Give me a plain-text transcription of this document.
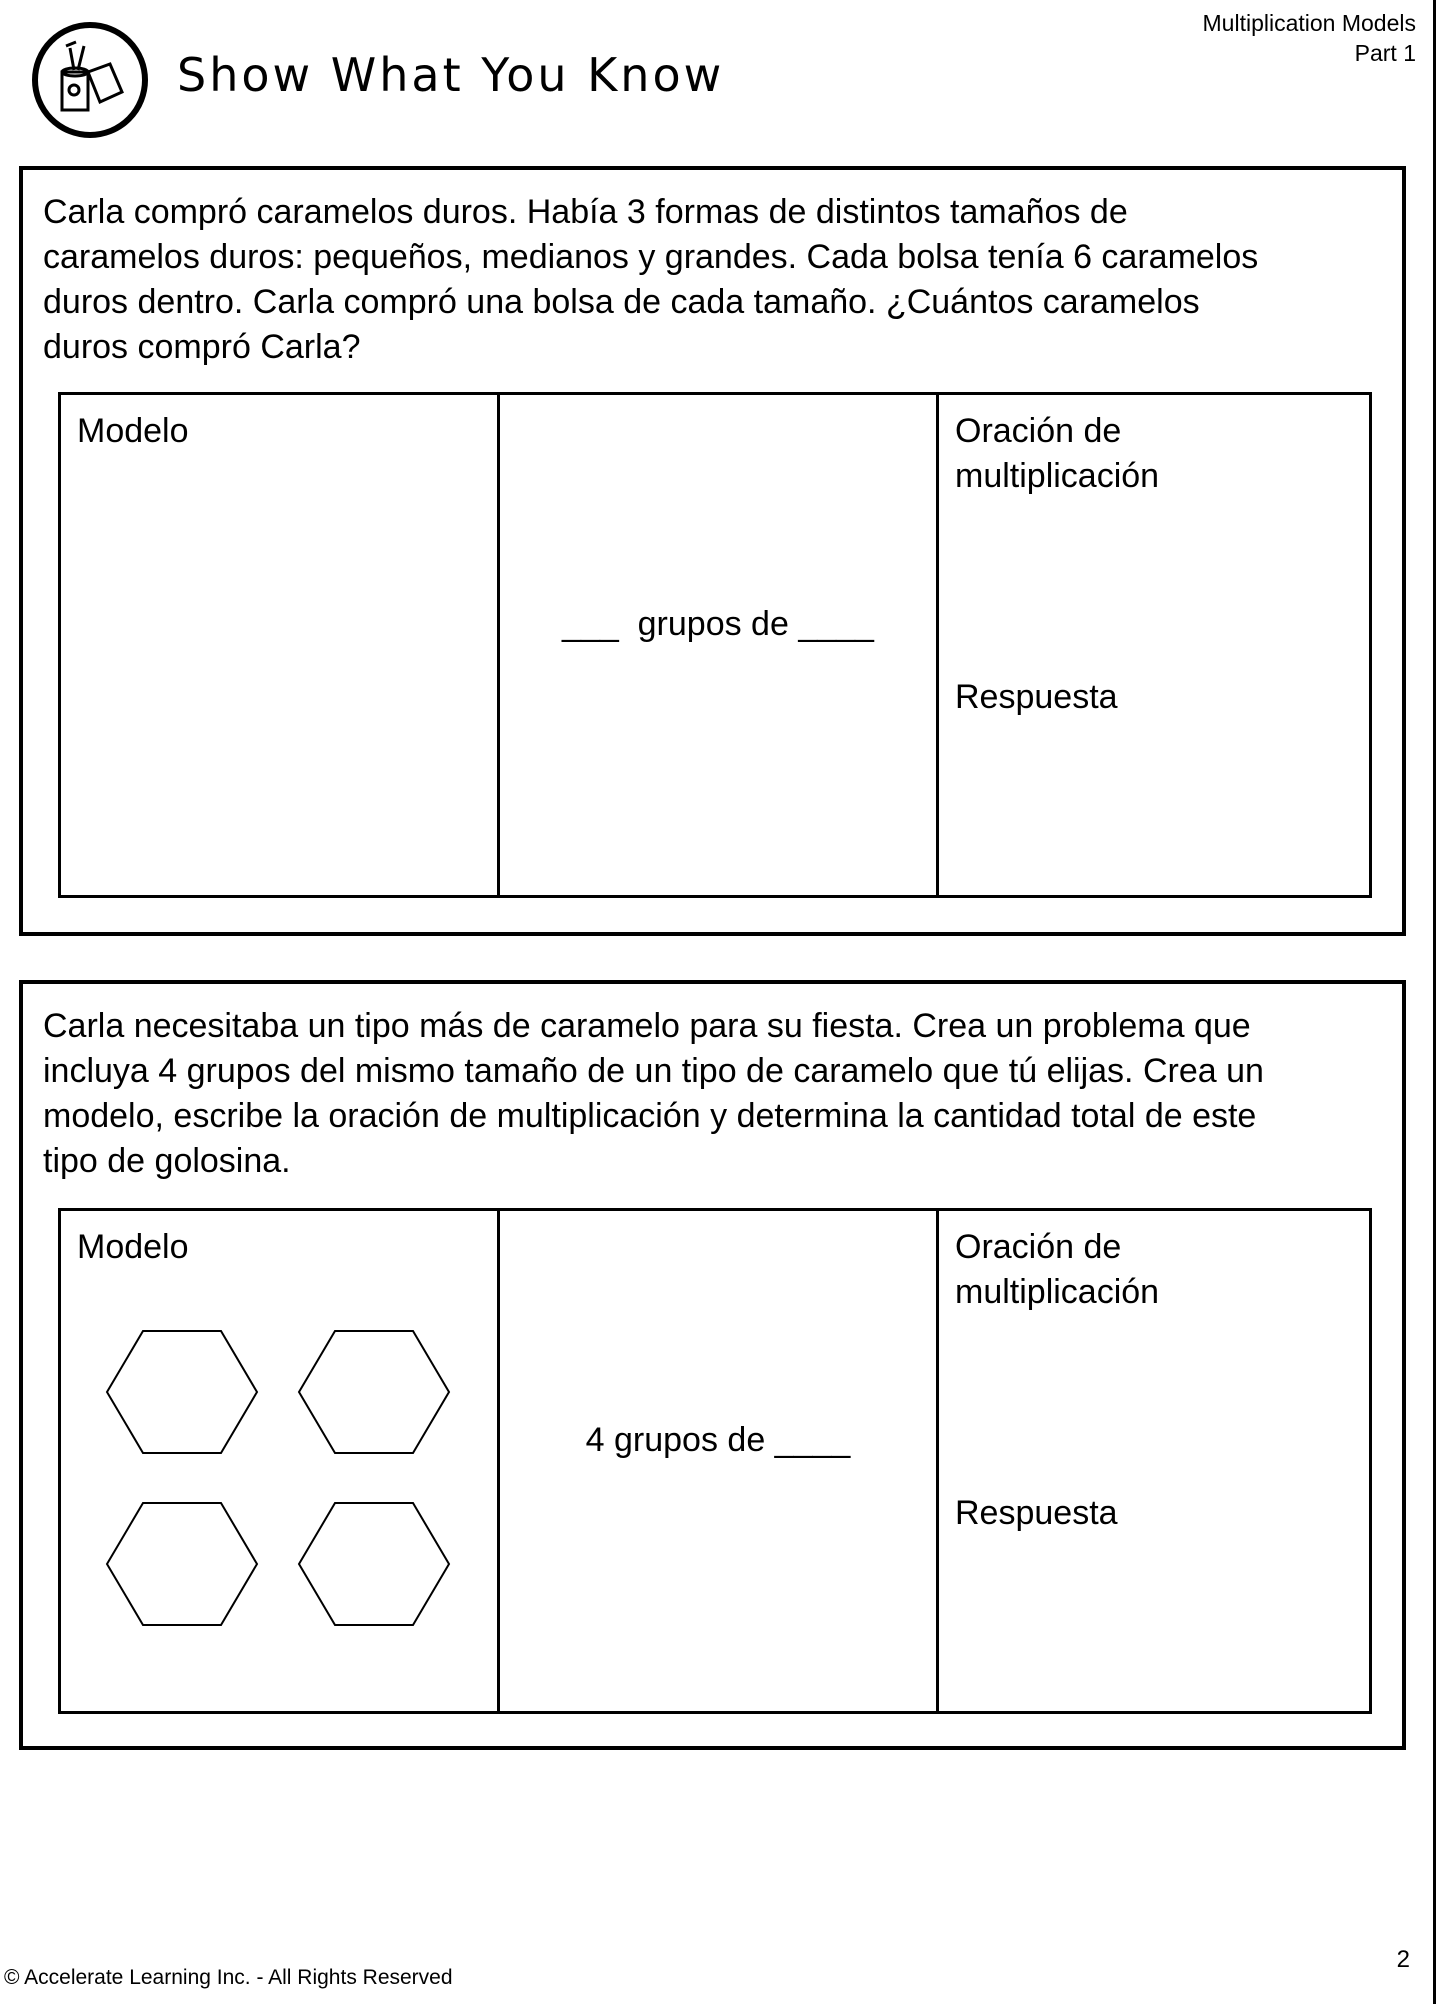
Show What You Know
Multiplication Models
Part 1

Carla compró caramelos duros. Había 3 formas de distintos tamaños de
caramelos duros: pequeños, medianos y grandes. Cada bolsa tenía 6 caramelos
duros dentro. Carla compró una bolsa de cada tamaño. ¿Cuántos caramelos
duros compró Carla?

Modelo
___  grupos de ____
Oración de
multiplicación
Respuesta

Carla necesitaba un tipo más de caramelo para su fiesta. Crea un problema que
incluya 4 grupos del mismo tamaño de un tipo de caramelo que tú elijas. Crea un
modelo, escribe la oración de multiplicación y determina la cantidad total de este
tipo de golosina.

Modelo
4 grupos de ____
Oración de
multiplicación
Respuesta
© Accelerate Learning Inc. - All Rights Reserved
2
